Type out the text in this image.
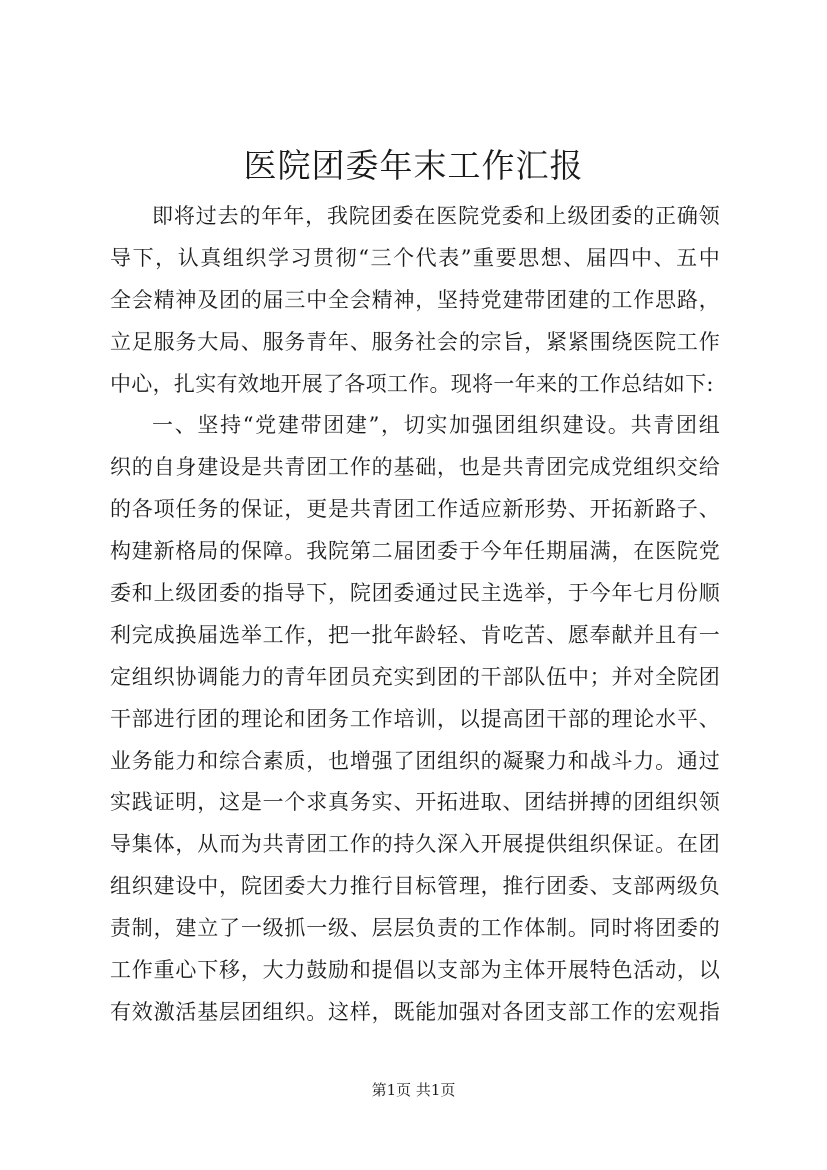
医院团委年末工作汇报
即将过去的年年，我院团委在医院党委和上级团委的正确领
导下，认真组织学习贯彻“三个代表”重要思想、届四中、五中
全会精神及团的届三中全会精神，坚持党建带团建的工作思路，
立足服务大局、服务青年、服务社会的宗旨，紧紧围绕医院工作
中心，扎实有效地开展了各项工作。现将一年来的工作总结如下:
一、坚持“党建带团建”，切实加强团组织建设。共青团组
织的自身建设是共青团工作的基础，也是共青团完成党组织交给
的各项任务的保证，更是共青团工作适应新形势、开拓新路子、
构建新格局的保障。我院第二届团委于今年任期届满，在医院党
委和上级团委的指导下，院团委通过民主选举，于今年七月份顺
利完成换届选举工作，把一批年龄轻、肯吃苦、愿奉献并且有一
定组织协调能力的青年团员充实到团的干部队伍中；并对全院团
干部进行团的理论和团务工作培训，以提高团干部的理论水平、
业务能力和综合素质，也增强了团组织的凝聚力和战斗力。通过
实践证明，这是一个求真务实、开拓进取、团结拼搏的团组织领
导集体，从而为共青团工作的持久深入开展提供组织保证。在团
组织建设中，院团委大力推行目标管理，推行团委、支部两级负
责制，建立了一级抓一级、层层负责的工作体制。同时将团委的
工作重心下移，大力鼓励和提倡以支部为主体开展特色活动，以
有效激活基层团组织。这样，既能加强对各团支部工作的宏观指
第1页 共1页
